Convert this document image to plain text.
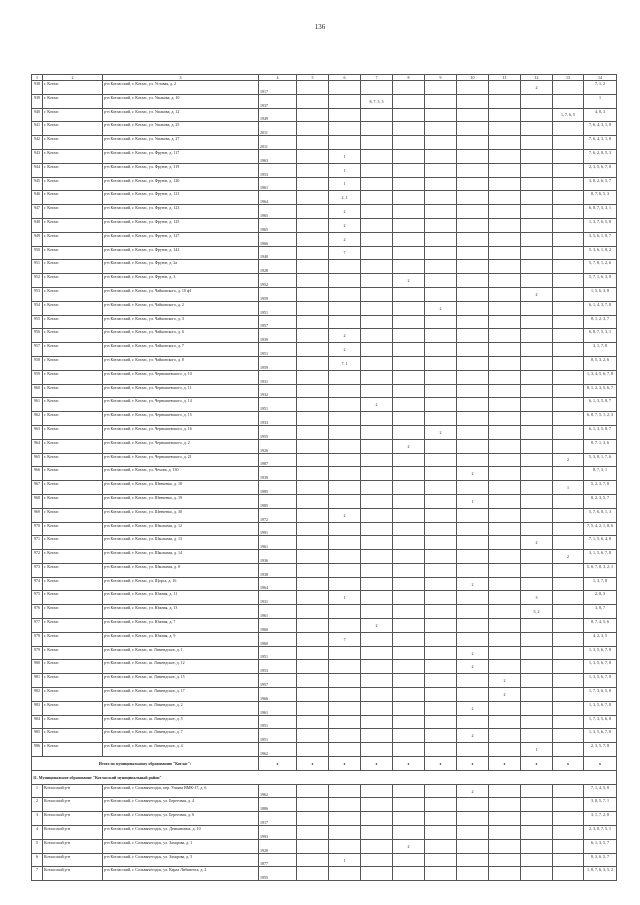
136
1	2	3	4	5	6	7	8	9	10	11	12	13	14
938	г. Котлас	р-н Котласский, г. Котлас, ул. Угловая, д. 2	1917								2		7, 1, 2
939	г. Котлас	р-н Котласский, г. Котлас, ул. Ушакова, д. 10	1937			8, 7, 5, 3							1
940	г. Котлас	р-н Котласский, г. Котлас, ул. Ушакова, д. 12	1949									1, 7, 6, 5	4, 8, 3
941	г. Котлас	р-н Котласский, г. Котлас, ул. Ушакова, д. 25	2011										7, 6, 4, 3, 1, 8
942	г. Котлас	р-н Котласский, г. Котлас, ул. Ушакова, д. 27	2011										7, 6, 4, 3, 1, 8
943	г. Котлас	р-н Котласский, г. Котлас, ул. Фрунзе, д. 117	1963		1								7, 6, 2, 8, 5, 3
944	г. Котлас	р-н Котласский, г. Котлас, ул. Фрунзе, д. 119	1953		1								2, 3, 5, 6, 7, 8
945	г. Котлас	р-н Котласский, г. Котлас, ул. Фрунзе, д. 120	1961		1								3, 8, 2, 6, 5, 7
946	г. Котлас	р-н Котласский, г. Котлас, ул. Фрунзе, д. 121	1964		2, 1								8, 7, 6, 5, 3
947	г. Котлас	р-н Котласский, г. Котлас, ул. Фрунзе, д. 123	1965		2								6, 8, 7, 5, 3, 1
948	г. Котлас	р-н Котласский, г. Котлас, ул. Фрунзе, д. 125	1965		2								1, 3, 7, 6, 5, 8
949	г. Котлас	р-н Котласский, г. Котлас, ул. Фрунзе, д. 127	1966		2								3, 5, 6, 1, 8, 7
950	г. Котлас	р-н Котласский, г. Котлас, ул. Фрунзе, д. 142	1940		7								5, 3, 6, 1, 8, 2
951	г. Котлас	р-н Котласский, г. Котлас, ул. Фрунзе, д. 2а	1928										5, 7, 8, 1, 2, 6
952	г. Котлас	р-н Котласский, г. Котлас, ул. Фрунзе, д. 3	1952				2						5, 7, 1, 6, 3, 8
953	г. Котлас	р-н Котласский, г. Котлас, ул. Чайковского, д. 10 ф1	1959								2		1, 5, 6, 3, 8
954	г. Котлас	р-н Котласский, г. Котлас, ул. Чайковского, д. 2	1951					2					6, 1, 4, 3, 7, 8
955	г. Котлас	р-н Котласский, г. Котлас, ул. Чайковского, д. 3	1957										8, 1, 2, 3, 7
956	г. Котлас	р-н Котласский, г. Котлас, ул. Чайковского, д. 6	1939		2								6, 8, 7, 5, 3, 1
957	г. Котлас	р-н Котласский, г. Котлас, ул. Чайковского, д. 7	1951		2								3, 1, 7, 8
958	г. Котлас	р-н Котласский, г. Котлас, ул. Чайковского, д. 8	1959		7, 1								8, 5, 3, 2, 6
959	г. Котлас	р-н Котласский, г. Котлас, ул. Чернышевского, д. 10	1931										1, 3, 4, 5, 6, 7, 8
960	г. Котлас	р-н Котласский, г. Котлас, ул. Чернышевского, д. 11	1932										8, 1, 2, 3, 5, 6, 7
961	г. Котлас	р-н Котласский, г. Котлас, ул. Чернышевского, д. 14	1951			2							6, 1, 3, 5, 8, 7
962	г. Котлас	р-н Котласский, г. Котлас, ул. Чернышевского, д. 15	1933										6, 8, 7, 5, 1, 2, 3
963	г. Котлас	р-н Котласский, г. Котлас, ул. Чернышевского, д. 16	1955					2					6, 1, 3, 5, 8, 7
964	г. Котлас	р-н Котласский, г. Котлас, ул. Чернышевского, д. 2	1926				2						8, 7, 1, 3, 6
965	г. Котлас	р-н Котласский, г. Котлас, ул. Чернышевского, д. 21	1987									2	5, 3, 8, 1, 7, 6
966	г. Котлас	р-н Котласский, г. Котлас, ул. Чехова, д. 130	1939						2				8, 7, 3, 1
967	г. Котлас	р-н Котласский, г. Котлас, ул. Шевченко, д. 18	1985									1	5, 2, 3, 7, 8
968	г. Котлас	р-н Котласский, г. Котлас, ул. Шевченко, д. 19	1985						1				8, 2, 3, 5, 7
969	г. Котлас	р-н Котласский, г. Котлас, ул. Шевченко, д. 30	1972		2								5, 7, 6, 8, 1, 3
970	г. Котлас	р-н Котласский, г. Котлас, ул. Школьная, д. 12	1991										7, 5, 4, 2, 1, 8, 6
971	г. Котлас	р-н Котласский, г. Котлас, ул. Школьная, д. 13	1961								2		7, 1, 5, 6, 4, 8
972	г. Котлас	р-н Котласский, г. Котлас, ул. Школьная, д. 14	1936									2	3, 1, 5, 6, 7, 8
973	г. Котлас	р-н Котласский, г. Котлас, ул. Школьная, д. 8	1938										5, 6, 7, 8, 3, 2, 1
974	г. Котлас	р-н Котласский, г. Котлас, ул. Щорса, д. 16	1964						2				1, 3, 7, 8
975	г. Котлас	р-н Котласский, г. Котлас, ул. Южная, д. 11	1931		1						3		2, 8, 3
976	г. Котлас	р-н Котласский, г. Котлас, ул. Южная, д. 13	1961								5, 2		3, 8, 7
977	г. Котлас	р-н Котласский, г. Котлас, ул. Южная, д. 7	1960			2							8, 7, 4, 5, 6
978	г. Котлас	р-н Котласский, г. Котлас, ул. Южная, д. 9	1960		7								4, 2, 3, 5
979	г. Котлас	р-н Котласский, г. Котлас, ш. Лимендское, д. 1	1951						2				1, 3, 5, 6, 7, 8
980	г. Котлас	р-н Котласский, г. Котлас, ш. Лимендское, д. 12	1953						2				1, 3, 5, 6, 7, 8
981	г. Котлас	р-н Котласский, г. Котлас, ш. Лимендское, д. 15	1957							2			1, 3, 5, 6, 7, 8
982	г. Котлас	р-н Котласский, г. Котлас, ш. Лимендское, д. 17	1966							2			1, 7, 3, 6, 5, 8
983	г. Котлас	р-н Котласский, г. Котлас, ш. Лимендское, д. 2	1961						2				1, 3, 5, 6, 7, 8
984	г. Котлас	р-н Котласский, г. Котлас, ш. Лимендское, д. 5	1951										1, 7, 3, 5, 6, 8
985	г. Котлас	р-н Котласский, г. Котлас, ш. Лимендское, д. 7	1951						2				1, 3, 5, 6, 7, 8
986	г. Котлас	р-н Котласский, г. Котлас, ш. Лимендское, д. 4	1962								1		2, 3, 5, 7, 8
Итого по муниципальному образованию "Котлас":			х	х	х	х	х	х	х	х	х	х	х
11. Муниципальное образование "Котласский муниципальный район"													
1	Котласский р-н	р-н Котласский, г. Сольвычегодск, пер. Ульяна ВМК-17, д. 6	1962						2				7, 1, 4, 5, 8
2	Котласский р-н	р-н Котласский, г. Сольвычегодск, ул. Береговая, д. 4	1886										3, 8, 5, 7, 1
3	Котласский р-н	р-н Котласский, г. Сольвычегодск, ул. Береговая, д. 6	1917										3, 1, 7, 2, 8
4	Котласский р-н	р-н Котласский, г. Сольвычегодск, ул. Демьяновых, д. 10	1993										2, 3, 8, 7, 5, 1
5	Котласский р-н	р-н Котласский, г. Сольвычегодск, ул. Захарова, д. 1	1920				2						6, 1, 3, 5, 7
6	Котласский р-н	р-н Котласский, г. Сольвычегодск, ул. Захарова, д. 5	1877		1								8, 3, 6, 5, 7
7	Котласский р-н	р-н Котласский, г. Сольвычегодск, ул. Карла Либкнехта, д. 2	1955										1, 8, 7, 6, 3, 5, 2
